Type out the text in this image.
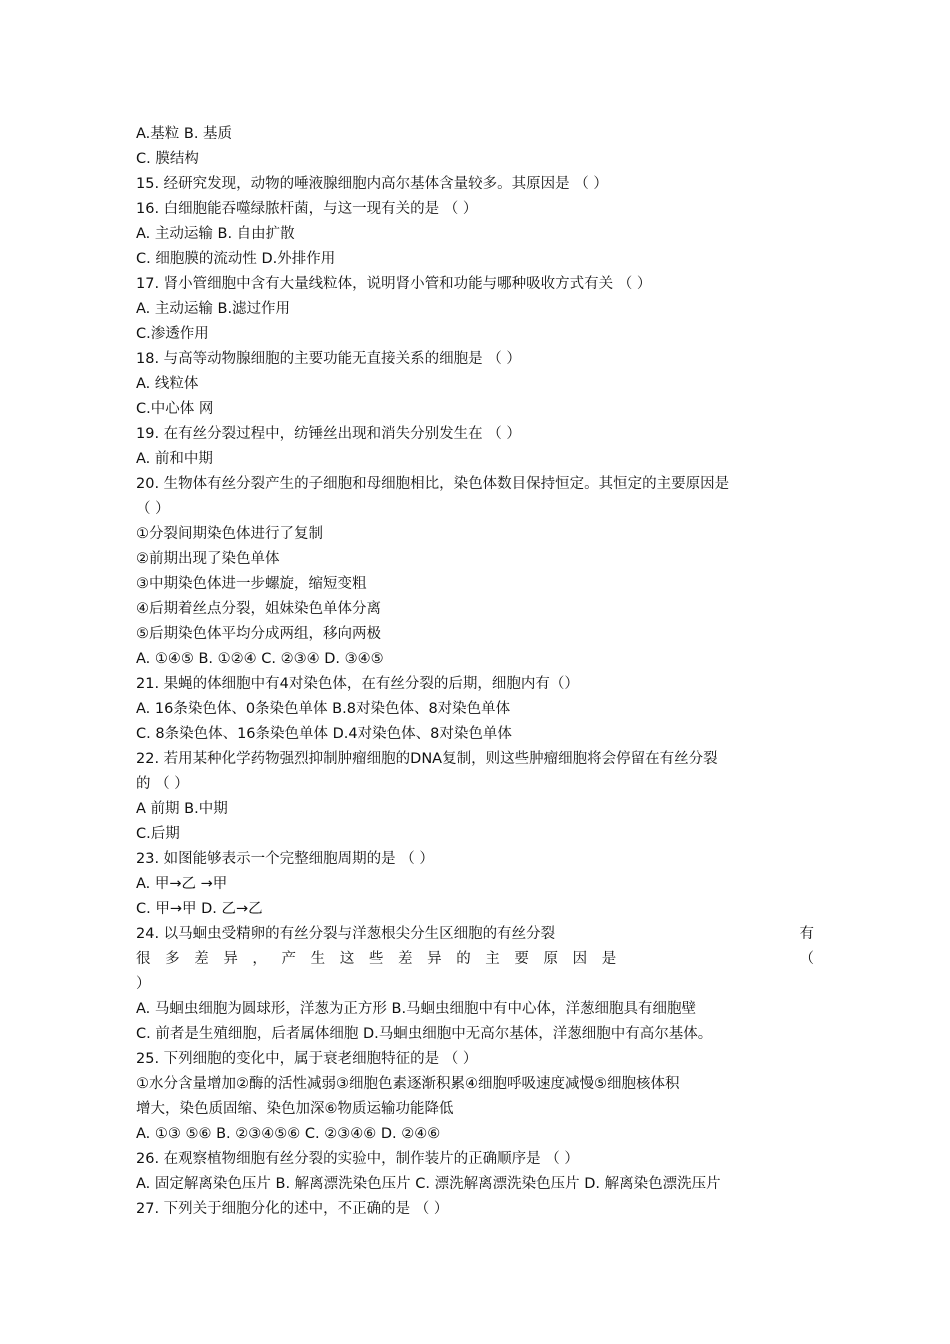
A.基粒 B. 基质
C. 膜结构
15. 经研究发现，动物的唾液腺细胞内高尔基体含量较多。其原因是 （ ）
16. 白细胞能吞噬绿脓杆菌，与这一现有关的是 （ ）
A. 主动运输 B. 自由扩散
C. 细胞膜的流动性 D.外排作用
17. 肾小管细胞中含有大量线粒体，说明肾小管和功能与哪种吸收方式有关 （ ）
A. 主动运输 B.滤过作用
C.渗透作用
18. 与高等动物腺细胞的主要功能无直接关系的细胞是 （ ）
A. 线粒体
C.中心体 网
19. 在有丝分裂过程中，纺锤丝出现和消失分别发生在 （ ）
A. 前和中期
20. 生物体有丝分裂产生的子细胞和母细胞相比，染色体数目保持恒定。其恒定的主要原因是
（ ）
①分裂间期染色体进行了复制
②前期出现了染色单体
③中期染色体进一步螺旋，缩短变粗
④后期着丝点分裂，姐妹染色单体分离
⑤后期染色体平均分成两组，移向两极
A. ①④⑤ B. ①②④ C. ②③④ D. ③④⑤
21. 果蝇的体细胞中有4对染色体，在有丝分裂的后期，细胞内有（）
A. 16条染色体、0条染色单体 B.8对染色体、8对染色单体
C. 8条染色体、16条染色单体 D.4对染色体、8对染色单体
22. 若用某种化学药物强烈抑制肿瘤细胞的DNA复制，则这些肿瘤细胞将会停留在有丝分裂
的 （ ）
A 前期 B.中期
C.后期
23. 如图能够表示一个完整细胞周期的是 （ ）
A. 甲→乙 →甲
C. 甲→甲 D. 乙→乙
24. 以马蛔虫受精卵的有丝分裂与洋葱根尖分生区细胞的有丝分裂	有
很 多 差 异 ， 产 生 这 些 差 异 的 主 要 原 因 是	（
）
A. 马蛔虫细胞为圆球形，洋葱为正方形 B.马蛔虫细胞中有中心体，洋葱细胞具有细胞壁
C. 前者是生殖细胞，后者属体细胞 D.马蛔虫细胞中无高尔基体，洋葱细胞中有高尔基体。
25. 下列细胞的变化中，属于衰老细胞特征的是 （ ）
①水分含量增加②酶的活性减弱③细胞色素逐渐积累④细胞呼吸速度减慢⑤细胞核体积
增大，染色质固缩、染色加深⑥物质运输功能降低
A. ①③ ⑤⑥ B. ②③④⑤⑥ C. ②③④⑥ D. ②④⑥
26. 在观察植物细胞有丝分裂的实验中，制作装片的正确顺序是 （ ）
A. 固定解离染色压片 B. 解离漂洗染色压片 C. 漂洗解离漂洗染色压片 D. 解离染色漂洗压片
27. 下列关于细胞分化的述中，不正确的是 （ ）
